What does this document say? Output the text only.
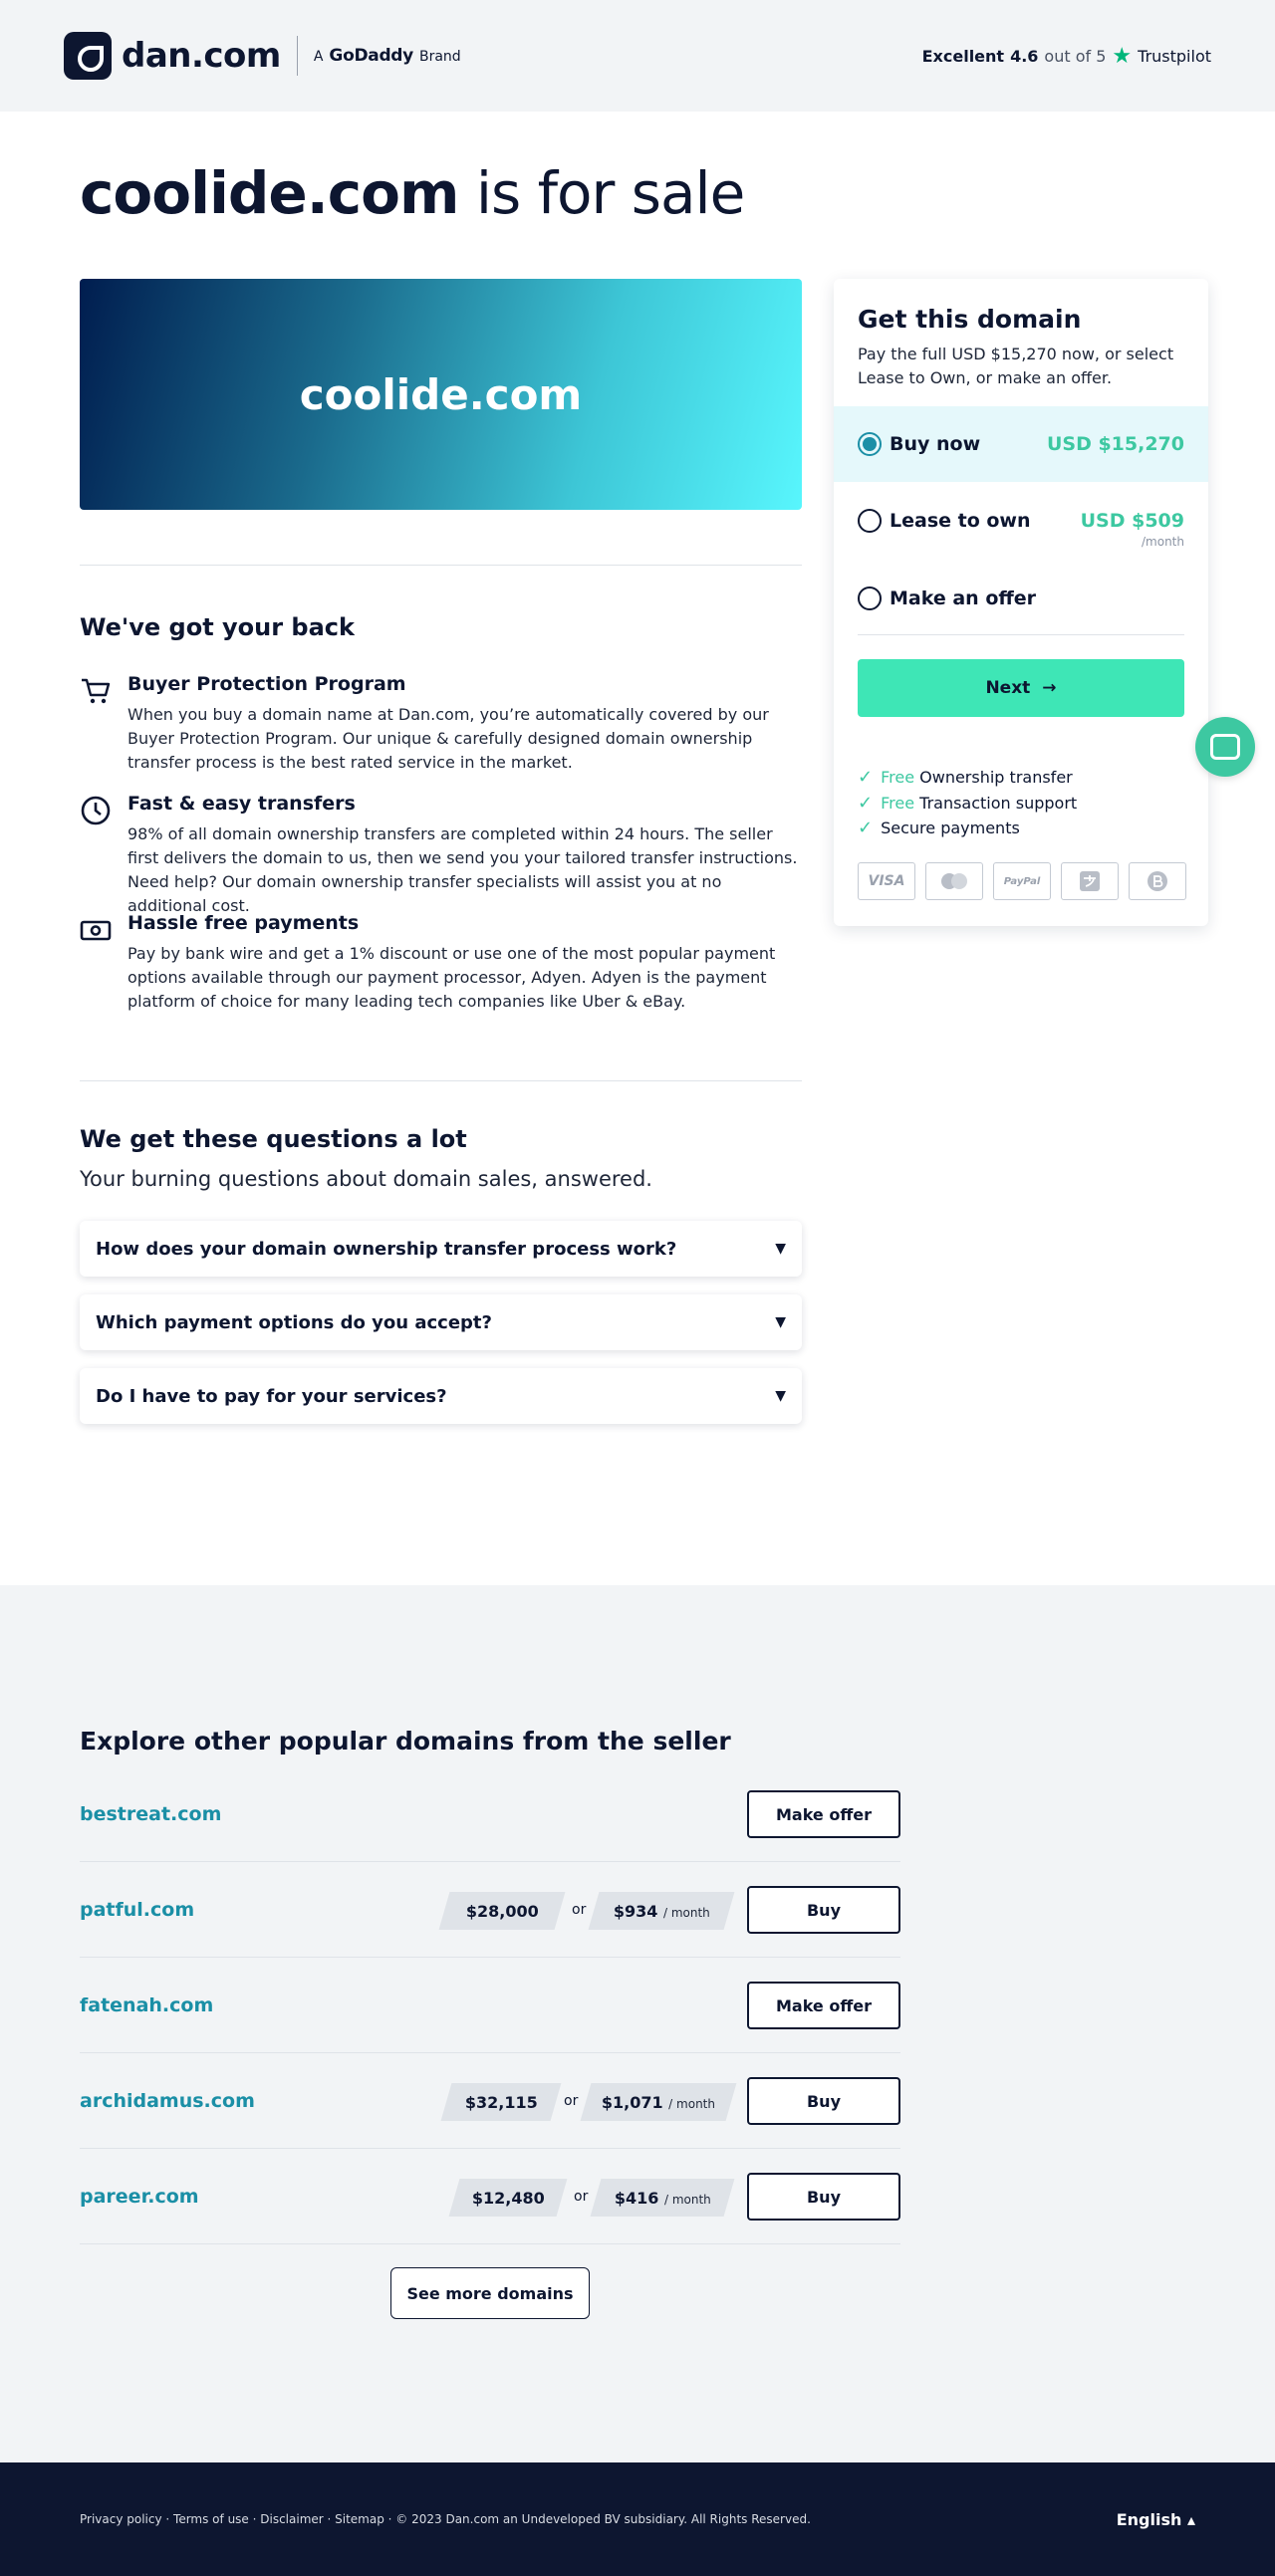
dan.com A GoDaddy Brand	Excellent 4.6 out of 5 ★ Trustpilot
coolide.com is for sale
coolide.com
We've got your back
Buyer Protection Program

When you buy a domain name at Dan.com, you’re automatically covered by our Buyer Protection Program. Our unique & carefully designed domain ownership transfer process is the best rated service in the market.

Fast & easy transfers

98% of all domain ownership transfers are completed within 24 hours. The seller first delivers the domain to us, then we send you your tailored transfer instructions. Need help? Our domain ownership transfer specialists will assist you at no additional cost.

Hassle free payments

Pay by bank wire and get a 1% discount or use one of the most popular payment options available through our payment processor, Adyen. Adyen is the payment platform of choice for many leading tech companies like Uber & eBay.

We get these questions a lot
Your burning questions about domain sales, answered.
How does your domain ownership transfer process work?	▼
Which payment options do you accept?	▼
Do I have to pay for your services?	▼
Get this domain
Pay the full USD $15,270 now, or select Lease to Own, or make an offer.
Buy now	USD $15,270
Lease to own	USD $509
/month
Make an offer
Next →
✓ Free Ownership transfer
✓ Free Transaction support
✓ Secure payments
VISA	PayPal
Explore other popular domains from the seller
bestreat.com	Make offer
patful.com	$28,000 or $934 / month	Buy
fatenah.com	Make offer
archidamus.com	$32,115 or $1,071 / month	Buy
pareer.com	$12,480 or $416 / month	Buy
See more domains
Privacy policy · Terms of use · Disclaimer · Sitemap · © 2023 Dan.com an Undeveloped BV subsidiary. All Rights Reserved.	English ▴
